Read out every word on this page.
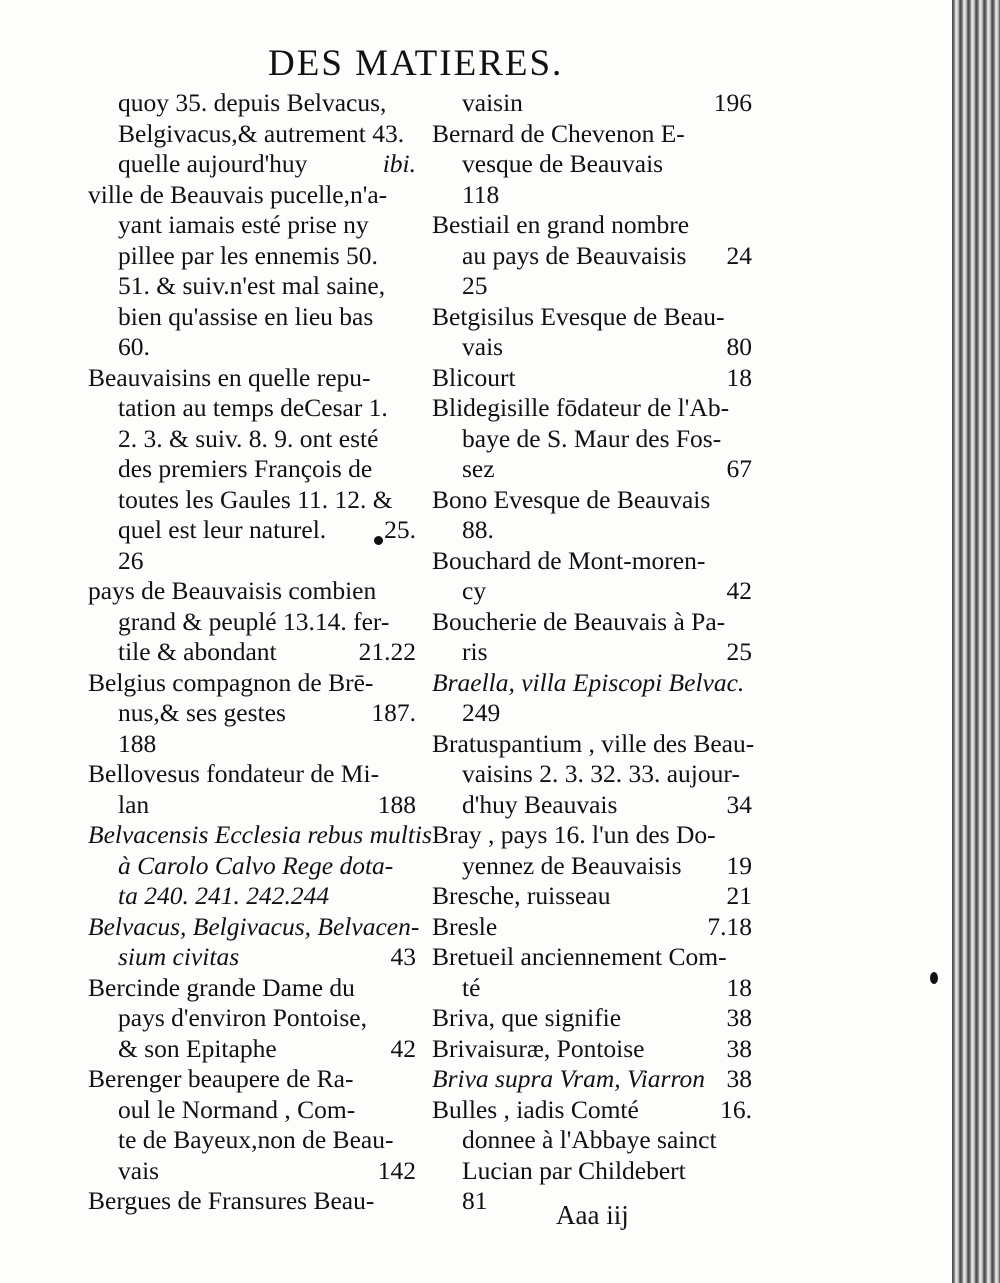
DES MATIERES.
quoy 35. depuis Belvacus,
Belgivacus,& autrement 43.
quelle aujourd'huy	ibi.
ville de Beauvais pucelle,n'a-
yant iamais esté prise ny
pillee par les ennemis 50.
51. & suiv.n'est mal saine,
bien qu'assise en lieu bas
60.
Beauvaisins en quelle repu-
tation au temps deCesar 1.
2. 3. & suiv. 8. 9. ont esté
des premiers François de
toutes les Gaules 11. 12. &
quel est leur naturel. 25.
26
pays de Beauvaisis combien
grand & peuplé 13.14. fer-
tile & abondant	21.22
Belgius compagnon de Brē-
nus,& ses gestes	187.
188
Bellovesus fondateur de Mi-
lan	188
Belvacensis Ecclesia rebus multis
à Carolo Calvo Rege dota-
ta 240. 241. 242.244
Belvacus, Belgivacus, Belvacen-
sium civitas	43
Bercinde grande Dame du
pays d'environ Pontoise,
& son Epitaphe	42
Berenger beaupere de Ra-
oul le Normand , Com-
te de Bayeux,non de Beau-
vais	142
Bergues de Fransures Beau-
vaisin	196
Bernard de Chevenon E-
vesque de Beauvais
118
Bestiail en grand nombre
au pays de Beauvaisis 24
25
Betgisilus Evesque de Beau-
vais	80
Blicourt	18
Blidegisille fōdateur de l'Ab-
baye de S. Maur des Fos-
sez	67
Bono Evesque de Beauvais
88.
Bouchard de Mont-moren-
cy	42
Boucherie de Beauvais à Pa-
ris	25
Braella, villa Episcopi Belvac.
249
Bratuspantium , ville des Beau-
vaisins 2. 3. 32. 33. aujour-
d'huy Beauvais	34
Bray , pays 16. l'un des Do-
yennez de Beauvaisis 19
Bresche, ruisseau	21
Bresle	7.18
Bretueil anciennement Com-
té	18
Briva, que signifie	38
Brivaisuræ, Pontoise	38
Briva supra Vram, Viarron 38
Bulles , iadis Comté	16.
donnee à l'Abbaye sainct
Lucian par Childebert
81	Aaa iij
